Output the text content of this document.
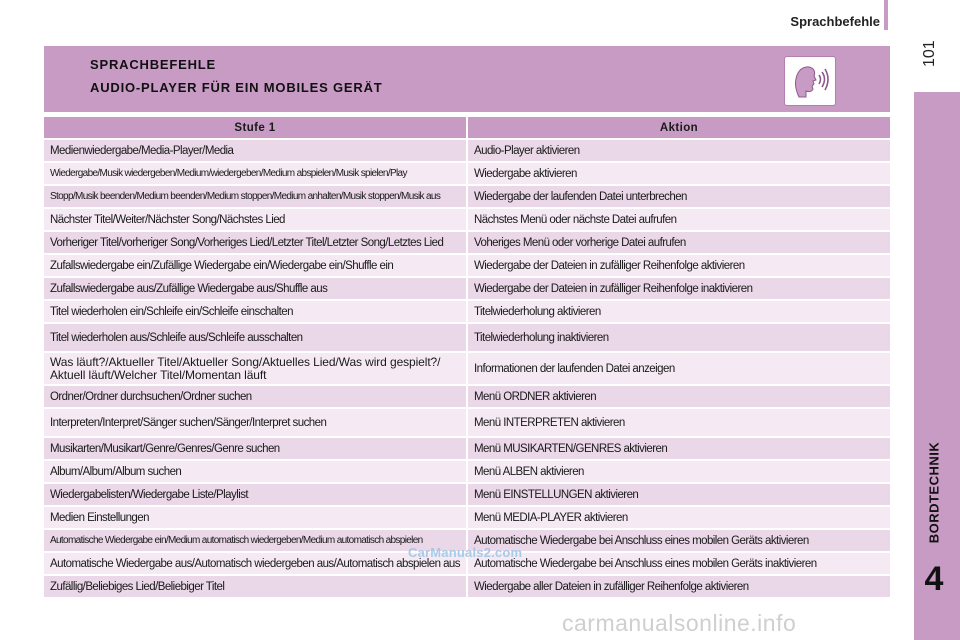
Sprachbefehle
101
BORDTECHNIK
4
SPRACHBEFEHLE
AUDIO-PLAYER FÜR EIN MOBILES GERÄT
Stufe 1	Aktion
Medienwiedergabe/Media-Player/Media	Audio-Player aktivieren
Wiedergabe/Musik wiedergeben/Medium/wiedergeben/Medium abspielen/Musik spielen/Play	Wiedergabe aktivieren
Stopp/Musik beenden/Medium beenden/Medium stoppen/Medium anhalten/Musik stoppen/Musik aus	Wiedergabe der laufenden Datei unterbrechen
Nächster Titel/Weiter/Nächster Song/Nächstes Lied	Nächstes Menü oder nächste Datei aufrufen
Vorheriger Titel/vorheriger Song/Vorheriges Lied/Letzter Titel/Letzter Song/Letztes Lied	Voheriges Menü oder vorherige Datei aufrufen
Zufallswiedergabe ein/Zufällige Wiedergabe ein/Wiedergabe ein/Shuffle ein	Wiedergabe der Dateien in zufälliger Reihenfolge aktivieren
Zufallswiedergabe aus/Zufällige Wiedergabe aus/Shuffle aus	Wiedergabe der Dateien in zufälliger Reihenfolge inaktivieren
Titel wiederholen ein/Schleife ein/Schleife einschalten	Titelwiederholung aktivieren
Titel wiederholen aus/Schleife aus/Schleife ausschalten	Titelwiederholung inaktivieren
Was läuft?/Aktueller Titel/Aktueller Song/Aktuelles Lied/Was wird gespielt?/ Aktuell läuft/Welcher Titel/Momentan läuft	Informationen der laufenden Datei anzeigen
Ordner/Ordner durchsuchen/Ordner suchen	Menü ORDNER aktivieren
Interpreten/Interpret/Sänger suchen/Sänger/Interpret suchen	Menü INTERPRETEN aktivieren
Musikarten/Musikart/Genre/Genres/Genre suchen	Menü MUSIKARTEN/GENRES aktivieren
Album/Album/Album suchen	Menü ALBEN aktivieren
Wiedergabelisten/Wiedergabe Liste/Playlist	Menü EINSTELLUNGEN aktivieren
Medien Einstellungen	Menü MEDIA-PLAYER aktivieren
Automatische Wiedergabe ein/Medium automatisch wiedergeben/Medium automatisch abspielen	Automatische Wiedergabe bei Anschluss eines mobilen Geräts aktivieren
Automatische Wiedergabe aus/Automatisch wiedergeben aus/Automatisch abspielen aus	Automatische Wiedergabe bei Anschluss eines mobilen Geräts inaktivieren
Zufällig/Beliebiges Lied/Beliebiger Titel	Wiedergabe aller Dateien in zufälliger Reihenfolge aktivieren
CarManuals2.com
carmanualsonline.info
